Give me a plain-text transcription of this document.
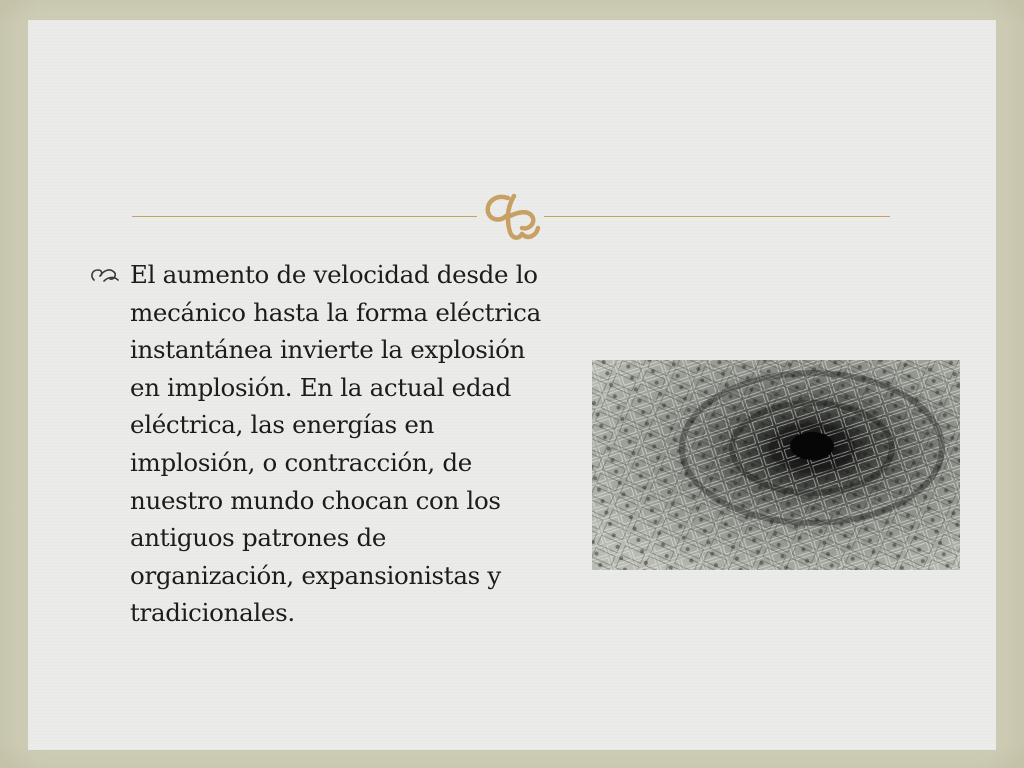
El aumento de velocidad desde lo mecánico hasta la forma eléctrica instantánea invierte la explosión en implosión. En la actual edad eléctrica, las energías en implosión, o contracción, de nuestro mundo chocan con los antiguos patrones de organización, expansionistas y tradicionales.
